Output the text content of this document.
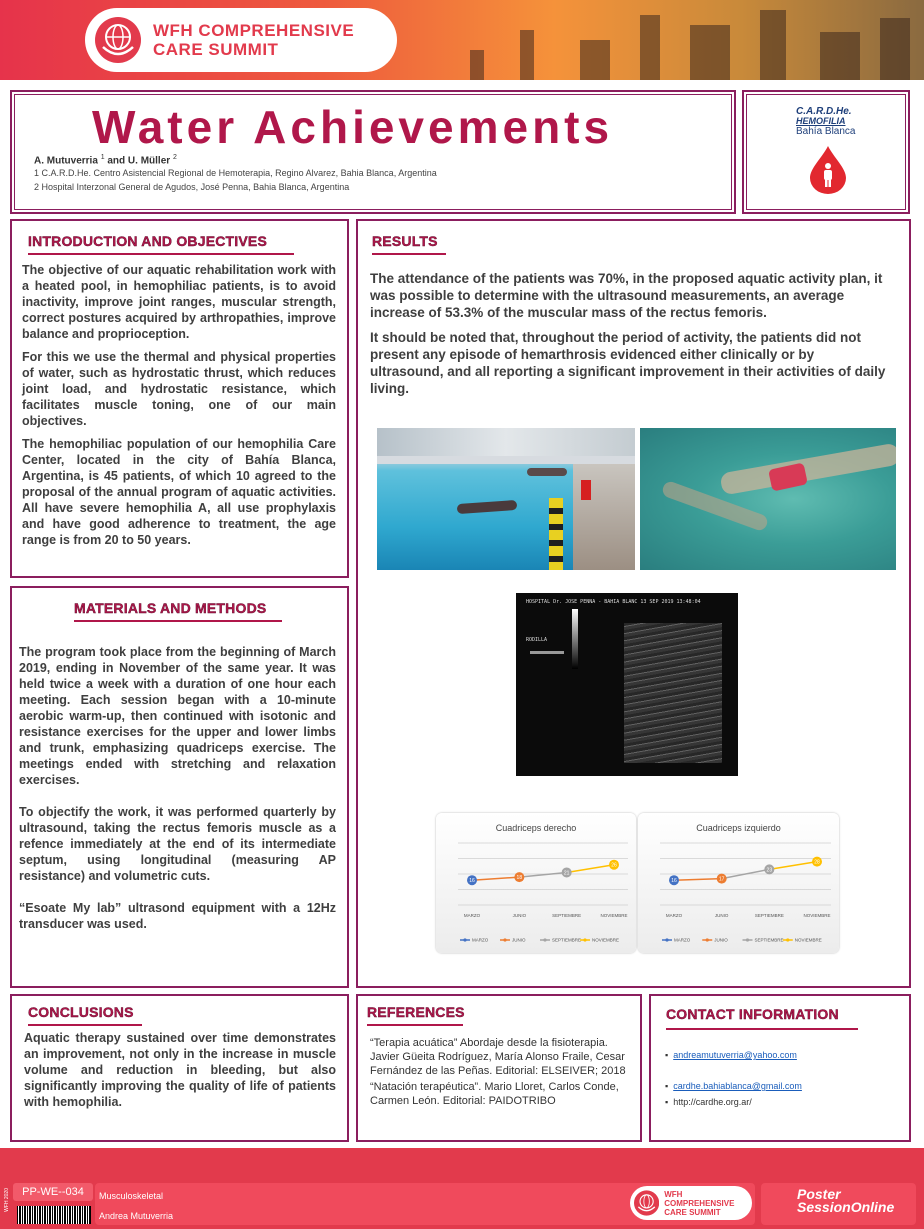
WFH COMPREHENSIVE
CARE SUMMIT
Water Achievements
A. Mutuverria $^1$ and U. Müller $^2$
1 C.A.R.D.He. Centro Asistencial Regional de Hemoterapia, Regino Alvarez, Bahia Blanca, Argentina
2 Hospital Interzonal General de Agudos, José Penna, Bahia Blanca, Argentina
C.A.R.D.He.
HEMOFILIA
Bahía Blanca
INTRODUCTION AND OBJECTIVES

The objective of our aquatic rehabilitation work with a heated pool, in hemophiliac patients, is to avoid inactivity, improve joint ranges, muscular strength, correct postures acquired by arthropathies, improve balance and proprioception.

For this we use the thermal and physical properties of water, such as hydrostatic thrust, which reduces joint load, and hydrostatic resistance, which facilitates muscle toning, one of our main objectives.

The hemophiliac population of our hemophilia Care Center, located in the city of Bahía Blanca, Argentina, is 45 patients, of which 10 agreed to the proposal of the annual program of aquatic activities. All have severe hemophilia A, all use prophylaxis and have good adherence to treatment, the age range is from 20 to 50 years.

MATERIALS AND METHODS

The program took place from the beginning of March 2019, ending in November of the same year. It was held twice a week with a duration of one hour each meeting. Each session began with a 10-minute aerobic warm-up, then continued with isotonic and resistance exercises for the upper and lower limbs and trunk, emphasizing quadriceps exercise. The meetings ended with stretching and relaxation exercises.

To objectify the work, it was performed quarterly by ultrasound, taking the rectus femoris muscle as a refence immediately at the end of its intermediate septum, using longitudinal (measuring AP resistance) and volumetric cuts.

“Esoate My lab” ultrasond equipment with a 12Hz transducer was used.

RESULTS

The attendance of the patients was 70%, in the proposed aquatic activity plan, it was possible to determine with the ultrasound measurements, an average increase of 53.3% of the muscular mass of the rectus femoris.

It should be noted that, throughout the period of activity, the patients did not present any episode of hemarthrosis evidenced either clinically or by ultrasound, and all reporting a significant improvement in their activities of daily living.

HOSPITAL Dr. JOSE PENNA - BAHIA BLANC 13 SEP 2019 13:48:04
RODILLA
Cuadriceps derecho
16
MARZO
18
JUNIO
21
SEPTIEMBRE
26
NOVIEMBRE
MARZO	JUNIO	SEPTIEMBRE NOVIEMBRE
Cuadriceps izquierdo
16
MARZO
17
JUNIO
23
SEPTIEMBRE
28
NOVIEMBRE
MARZO	JUNIO	SEPTIEMBRE NOVIEMBRE
CONCLUSIONS
Aquatic therapy sustained over time demonstrates an improvement, not only in the increase in muscle volume and reduction in bleeding, but also significantly improving the quality of life of patients with hemophilia.
REFERENCES

“Terapia acuática” Abordaje desde la fisioterapia. Javier Güeita Rodríguez, María Alonso Fraile, Cesar Fernández de las Peñas. Editorial: ELSEIVER; 2018

“Natación terapéutica”. Mario Lloret, Carlos Conde, Carmen León. Editorial: PAIDOTRIBO

CONTACT INFORMATION
▪  andreamutuverria@yahoo.com
▪  cardhe.bahiablanca@gmail.com
▪  http://cardhe.org.ar/
WFH 2020	PP-WE--034	Musculoskeletal
Andrea Mutuverria
WFH COMPREHENSIVE
CARE SUMMIT
Poster
SessionOnline
